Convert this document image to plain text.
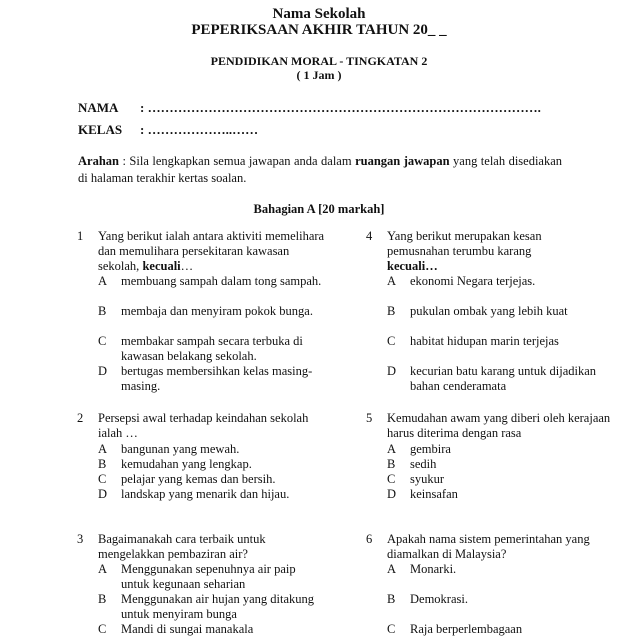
Nama Sekolah
PEPERIKSAAN AKHIR TAHUN 20_ _
PENDIDIKAN MORAL - TINGKATAN 2
( 1 Jam )
NAMA : ……………………………………………………………………………….
KELAS : ………………..……
Arahan : Sila lengkapkan semua jawapan anda dalam ruangan jawapan yang telah disediakan di halaman terakhir kertas soalan.
Bahagian A [20 markah]
1 Yang berikut ialah antara aktiviti memelihara dan memulihara persekitaran kawasan sekolah, kecuali…
A membuang sampah dalam tong sampah.
B membaja dan menyiram pokok bunga.
C membakar sampah secara terbuka di kawasan belakang sekolah.
D bertugas membersihkan kelas masing-masing.
2 Persepsi awal terhadap keindahan sekolah ialah …
A bangunan yang mewah.
B kemudahan yang lengkap.
C pelajar yang kemas dan bersih.
D landskap yang menarik dan hijau.
3 Bagaimanakah cara terbaik untuk mengelakkan pembaziran air?
A Menggunakan sepenuhnya air paip untuk kegunaan seharian
B Menggunakan air hujan yang ditakung untuk menyiram bunga
C Mandi di sungai manakala
4 Yang berikut merupakan kesan pemusnahan terumbu karang kecuali…
A ekonomi Negara terjejas.
B pukulan ombak yang lebih kuat
C habitat hidupan marin terjejas
D kecurian batu karang untuk dijadikan bahan cenderamata
5 Kemudahan awam yang diberi oleh kerajaan harus diterima dengan rasa
A gembira
B sedih
C syukur
D keinsafan
6 Apakah nama sistem pemerintahan yang diamalkan di Malaysia?
A Monarki.
B Demokrasi.
C Raja berperlembagaan
